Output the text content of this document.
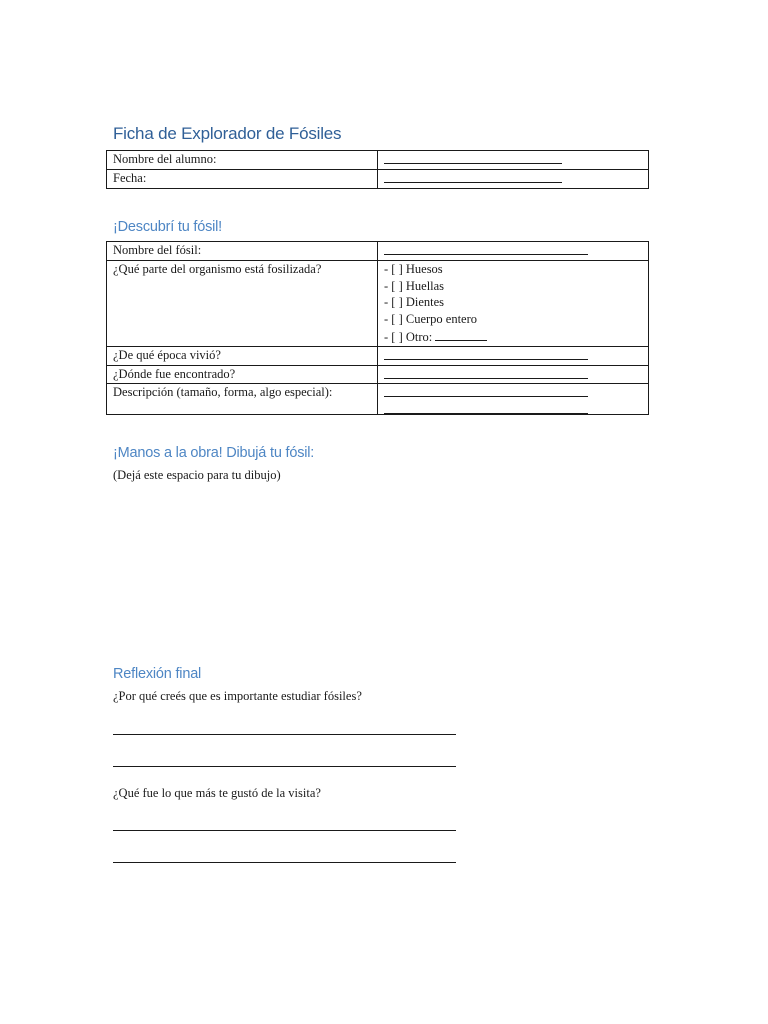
Ficha de Explorador de Fósiles
Nombre del alumno:	
Fecha:	
¡Descubrí tu fósil!
Nombre del fósil:	
¿Qué parte del organismo está fosilizada?	- [ ] Huesos
- [ ] Huellas
- [ ] Dientes
- [ ] Cuerpo entero
- [ ] Otro:

¿De qué época vivió?	
¿Dónde fue encontrado?	
Descripción (tamaño, forma, algo especial):	
¡Manos a la obra! Dibujá tu fósil:

(Dejá este espacio para tu dibujo)

Reflexión final

¿Por qué creés que es importante estudiar fósiles?

¿Qué fue lo que más te gustó de la visita?
